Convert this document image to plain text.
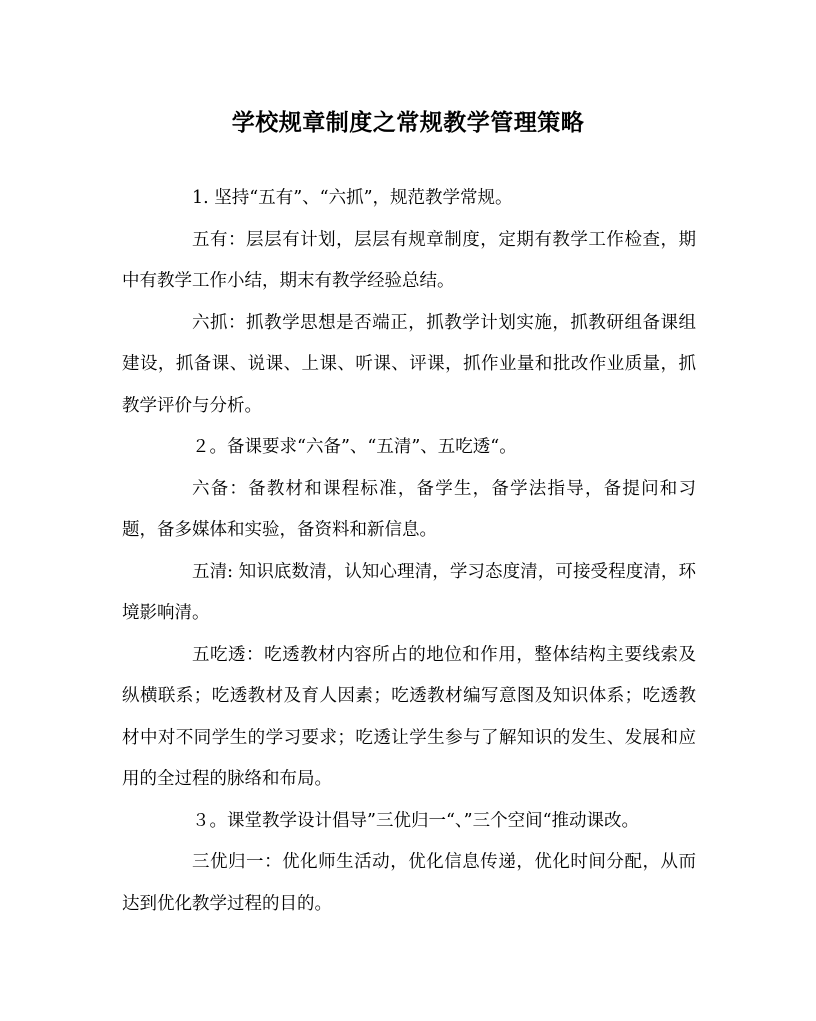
学校规章制度之常规教学管理策略

1. 坚持“五有”、“六抓”，规范教学常规。

五有：层层有计划，层层有规章制度，定期有教学工作检查，期中有教学工作小结，期末有教学经验总结。

六抓：抓教学思想是否端正，抓教学计划实施，抓教研组备课组建设，抓备课、说课、上课、听课、评课，抓作业量和批改作业质量，抓教学评价与分析。

２。备课要求“六备”、“五清”、五吃透“。

六备：备教材和课程标准，备学生，备学法指导，备提问和习题，备多媒体和实验，备资料和新信息。

五清: 知识底数清，认知心理清，学习态度清，可接受程度清，环境影响清。

五吃透：吃透教材内容所占的地位和作用，整体结构主要线索及纵横联系；吃透教材及育人因素；吃透教材编写意图及知识体系；吃透教材中对不同学生的学习要求；吃透让学生参与了解知识的发生、发展和应用的全过程的脉络和布局。

３。课堂教学设计倡导”三优归一“、”三个空间“推动课改。

三优归一：优化师生活动，优化信息传递，优化时间分配，从而达到优化教学过程的目的。
